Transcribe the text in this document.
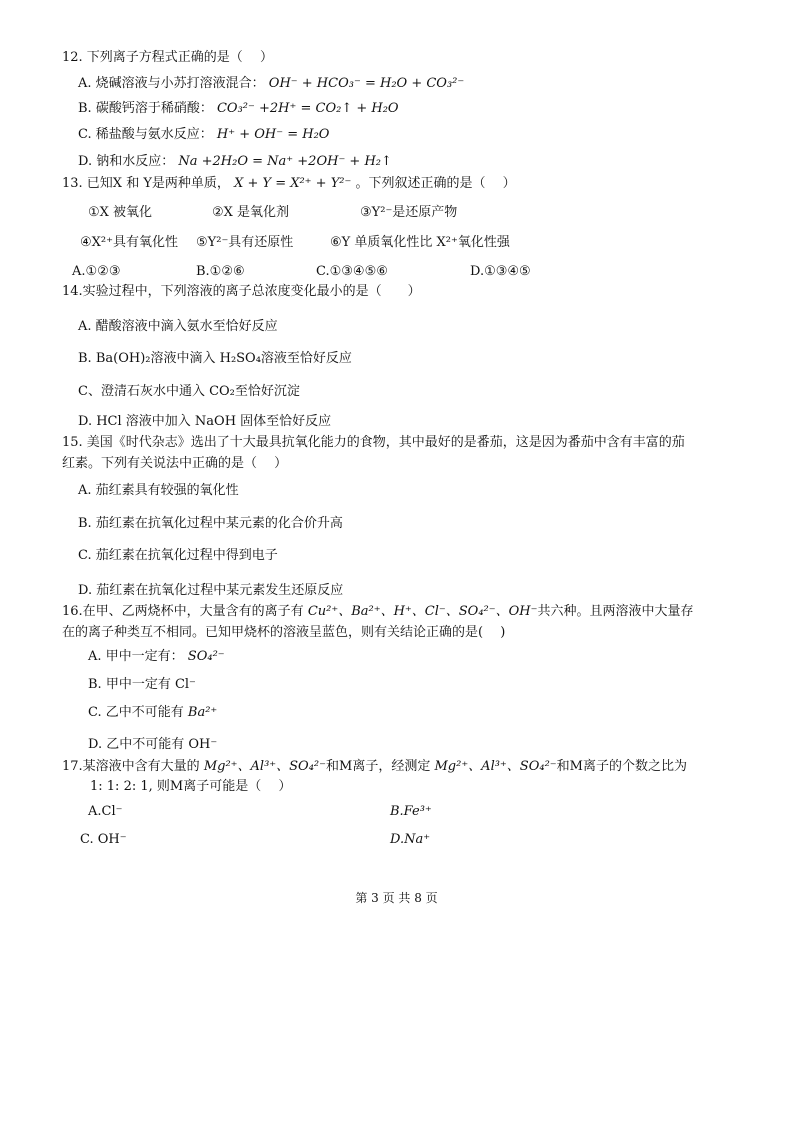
12. 下列离子方程式正确的是（　 ）
A. 烧碱溶液与小苏打溶液混合： OH⁻ + HCO₃⁻ = H₂O + CO₃²⁻
B. 碳酸钙溶于稀硝酸： CO₃²⁻ +2H⁺ = CO₂↑ + H₂O
C. 稀盐酸与氨水反应： H⁺ + OH⁻ = H₂O
D. 钠和水反应： Na +2H₂O = Na⁺ +2OH⁻ + H₂↑
13. 已知X 和 Y是两种单质， X + Y = X²⁺ + Y²⁻ 。下列叙述正确的是（　 ）
①X 被氧化	②X 是氧化剂	③Y²⁻是还原产物
④X²⁺具有氧化性 ⑤Y²⁻具有还原性	⑥Y 单质氧化性比 X²⁺氧化性强
A.①②③	B.①②⑥	C.①③④⑤⑥	D.①③④⑤
14.实验过程中，下列溶液的离子总浓度变化最小的是（　　）
A. 醋酸溶液中滴入氨水至恰好反应
B. Ba(OH)₂溶液中滴入 H₂SO₄溶液至恰好反应
C、澄清石灰水中通入 CO₂至恰好沉淀
D. HCl 溶液中加入 NaOH 固体至恰好反应
15. 美国《时代杂志》选出了十大最具抗氧化能力的食物，其中最好的是番茄，这是因为番茄中含有丰富的茄
红素。下列有关说法中正确的是（　 ）
A. 茄红素具有较强的氧化性
B. 茄红素在抗氧化过程中某元素的化合价升高
C. 茄红素在抗氧化过程中得到电子
D. 茄红素在抗氧化过程中某元素发生还原反应
16.在甲、乙两烧杯中，大量含有的离子有 Cu²⁺、Ba²⁺、H⁺、Cl⁻、SO₄²⁻、OH⁻共六种。且两溶液中大量存
在的离子种类互不相同。已知甲烧杯的溶液呈蓝色，则有关结论正确的是(　 )
A. 甲中一定有： SO₄²⁻
B. 甲中一定有 Cl⁻
C. 乙中不可能有 Ba²⁺
D. 乙中不可能有 OH⁻
17.某溶液中含有大量的 Mg²⁺、Al³⁺、SO₄²⁻和M离子，经测定 Mg²⁺、Al³⁺、SO₄²⁻和M离子的个数之比为
1: 1: 2: 1, 则M离子可能是（　 ）
A.Cl⁻	B.Fe³⁺
C. OH⁻	D.Na⁺
第 3 页 共 8 页
